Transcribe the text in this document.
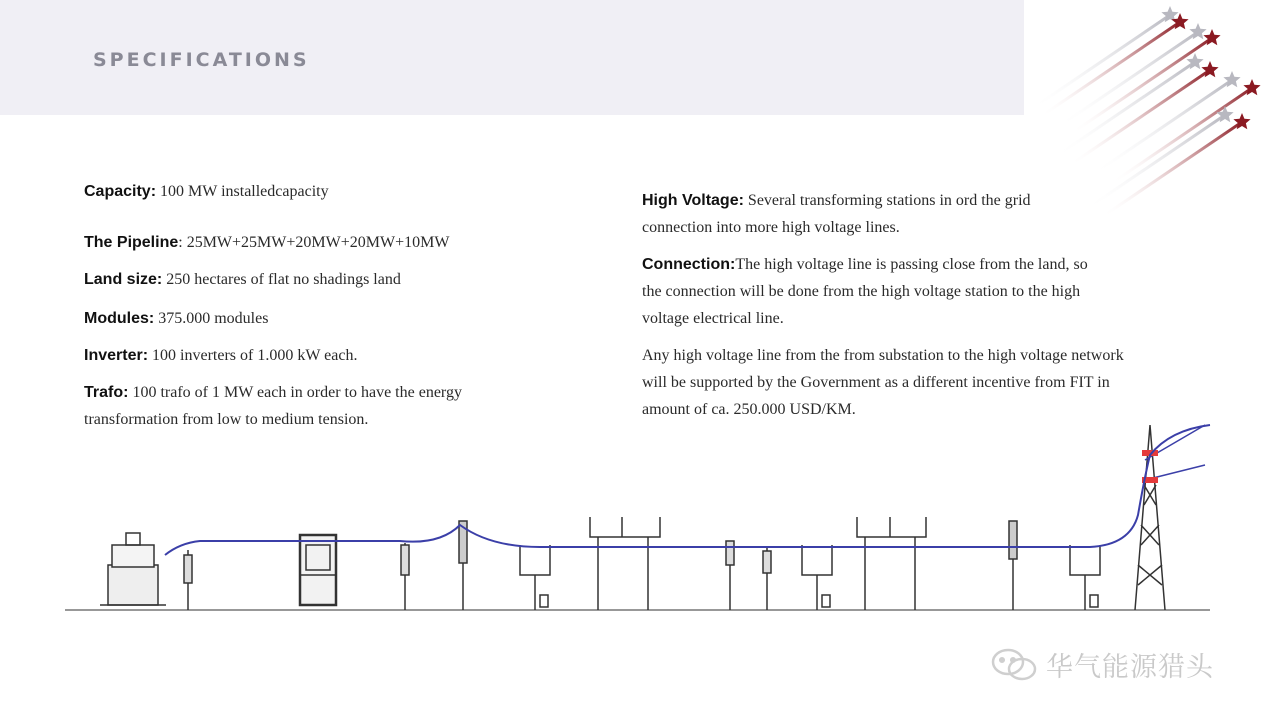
SPECIFICATIONS

Capacity: 100 MW installedcapacity

The Pipeline: 25MW+25MW+20MW+20MW+10MW

Land size: 250 hectares of flat no shadings land

Modules: 375.000 modules

Inverter: 100 inverters of 1.000 kW each.

Trafo: 100 trafo of 1 MW each in order to have the energy transformation from low to medium tension.

High Voltage: Several transforming stations in ord the grid connection into more high voltage lines.

Connection:The high voltage line is passing close from the land, so the connection will be done from the high voltage station to the high voltage electrical line.

Any high voltage line from the from substation to the high voltage network will be supported by the Government as a different incentive from FIT in amount of ca. 250.000 USD/KM.

华气能源猎头
